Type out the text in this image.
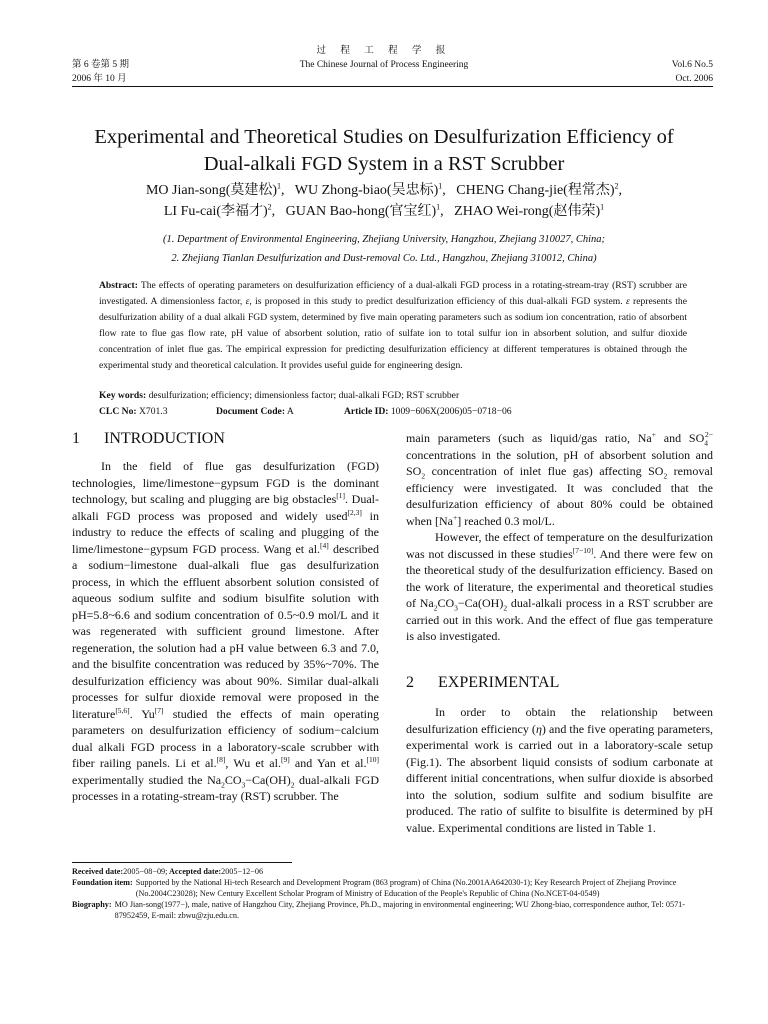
第 6 卷第 5 期
2006 年 10 月
过 程 工 程 学 报
The Chinese Journal of Process Engineering	Vol.6 No.5
Oct. 2006
Experimental and Theoretical Studies on Desulfurization Efficiency of
Dual-alkali FGD System in a RST Scrubber
MO Jian-song(莫建松)$^1$, WU Zhong-biao(吴忠标)$^1$, CHENG Chang-jie(程常杰)$^2$,
LI Fu-cai(李福才)$^2$, GUAN Bao-hong(官宝红)$^1$, ZHAO Wei-rong(赵伟荣)$^1$
(1. Department of Environmental Engineering, Zhejiang University, Hangzhou, Zhejiang 310027, China;
2. Zhejiang Tianlan Desulfurization and Dust-removal Co. Ltd., Hangzhou, Zhejiang 310012, China)
Abstract: The effects of operating parameters on desulfurization efficiency of a dual-alkali FGD process in a rotating-stream-tray (RST) scrubber are investigated. A dimensionless factor, ε, is proposed in this study to predict desulfurization efficiency of this dual-alkali FGD system. ε represents the desulfurization ability of a dual alkali FGD system, determined by five main operating parameters such as sodium ion concentration, ratio of absorbent flow rate to flue gas flow rate, pH value of absorbent solution, ratio of sulfate ion to total sulfur ion in absorbent solution, and sulfur dioxide concentration of inlet flue gas. The empirical expression for predicting desulfurization efficiency at different temperatures is obtained through the experimental study and theoretical calculation. It provides useful guide for engineering design.
Key words: desulfurization; efficiency; dimensionless factor; dual-alkali FGD; RST scrubber
CLC No: X701.3	Document Code: A	Article ID: 1009−606X(2006)05−0718−06
1 INTRODUCTION

In the field of flue gas desulfurization (FGD) technologies, lime/limestone−gypsum FGD is the dominant technology, but scaling and plugging are big obstacles[1]. Dual-alkali FGD process was proposed and widely used[2,3] in industry to reduce the effects of scaling and plugging of the lime/limestone−gypsum FGD process. Wang et al.[4] described a sodium−limestone dual-alkali flue gas desulfurization process, in which the effluent absorbent solution consisted of aqueous sodium sulfite and sodium bisulfite solution with pH=5.8~6.6 and sodium concentration of 0.5~0.9 mol/L and it was regenerated with sufficient ground limestone. After regeneration, the solution had a pH value between 6.3 and 7.0, and the bisulfite concentration was reduced by 35%~70%. The desulfurization efficiency was about 90%. Similar dual-alkali processes for sulfur dioxide removal were proposed in the literature[5,6]. Yu[7] studied the effects of main operating parameters on desulfurization efficiency of sodium−calcium dual alkali FGD process in a laboratory-scale scrubber with fiber railing panels. Li et al.[8], Wu et al.[9] and Yan et al.[10] experimentally studied the $Na_2CO_3-Ca(OH)_2$ dual-alkali FGD processes in a rotating-stream-tray (RST) scrubber. The

main parameters (such as liquid/gas ratio, Na+ and $SO_4^{2-}$ concentrations in the solution, pH of absorbent solution and $SO_2$ concentration of inlet flue gas) affecting $SO_2$ removal efficiency were investigated. It was concluded that the desulfurization efficiency of about 80% could be obtained when [Na+] reached 0.3 mol/L.

However, the effect of temperature on the desulfurization was not discussed in these studies[7−10]. And there were few on the theoretical study of the desulfurization efficiency. Based on the work of literature, the experimental and theoretical studies of $Na_2CO_3-Ca(OH)_2$ dual-alkali process in a RST scrubber are carried out in this work. And the effect of flue gas temperature is also investigated.

2 EXPERIMENTAL

In order to obtain the relationship between desulfurization efficiency (η) and the five operating parameters, experimental work is carried out in a laboratory-scale setup (Fig.1). The absorbent liquid consists of sodium carbonate at different initial concentrations, when sulfur dioxide is absorbed into the solution, sodium sulfite and sodium bisulfite are produced. The ratio of sulfite to bisulfite is determined by pH value. Experimental conditions are listed in Table 1.

Received date: 2005−08−09; Accepted date: 2005−12−06
Foundation item: Supported by the National Hi-tech Research and Development Program (863 program) of China (No.2001AA642030-1); Key Research Project of Zhejiang Province (No.2004C23028); New Century Excellent Scholar Program of Ministry of Education of the People's Republic of China (No.NCET-04-0549)
Biography: MO Jian-song(1977−), male, native of Hangzhou City, Zhejiang Province, Ph.D., majoring in environmental engineering; WU Zhong-biao, correspondence author, Tel: 0571-87952459, E-mail: zbwu@zju.edu.cn.
